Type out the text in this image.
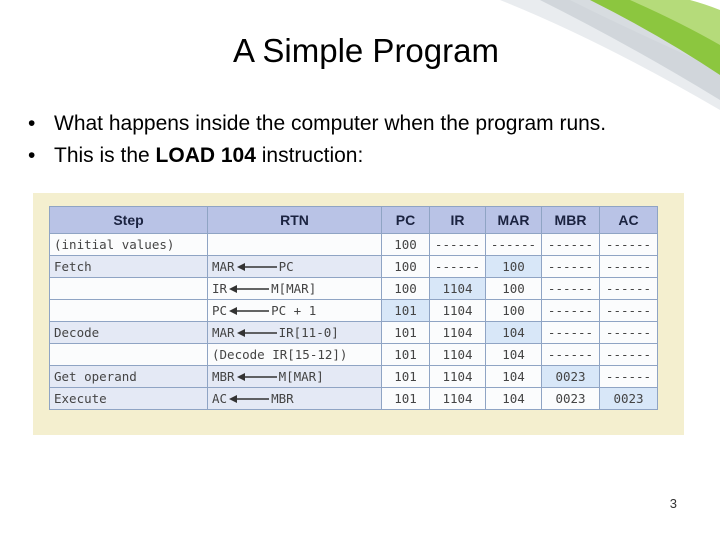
A Simple Program
• What happens inside the computer when the program runs.
• This is the LOAD 104 instruction:
Step	RTN	PC	IR	MAR	MBR	AC
(initial values)		100	------	------	------	------
Fetch	MAR PC	100	------	100	------	------
	IR M[MAR]	100	1104	100	------	------
	PC PC + 1	101	1104	100	------	------
Decode	MAR IR[11-0]	101	1104	104	------	------
	(Decode IR[15-12])	101	1104	104	------	------
Get operand	MBR M[MAR]	101	1104	104	0023	------
Execute	AC MBR	101	1104	104	0023	0023
3
